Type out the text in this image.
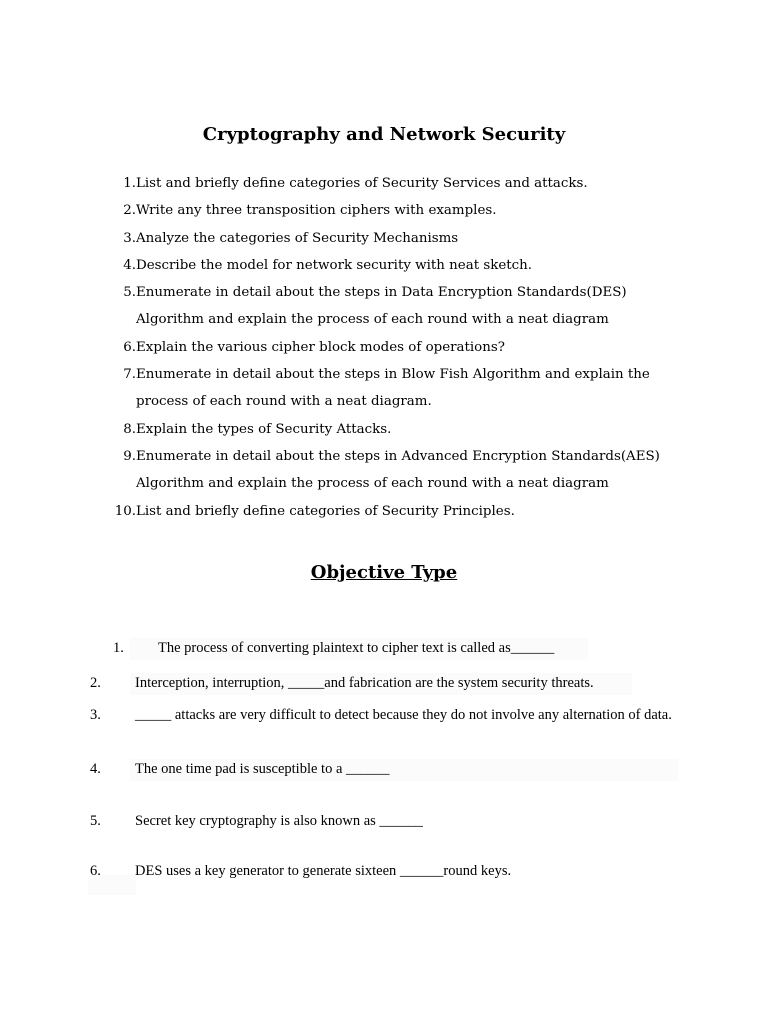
Cryptography and Network Security
1. List and briefly define categories of Security Services and attacks.
2. Write any three transposition ciphers with examples.
3. Analyze the categories of Security Mechanisms
4. Describe the model for network security with neat sketch.
5. Enumerate in detail about the steps in Data Encryption Standards(DES) Algorithm and explain the process of each round with a neat diagram
6. Explain the various cipher block modes of operations?
7. Enumerate in detail about the steps in Blow Fish Algorithm and explain the process of each round with a neat diagram.
8. Explain the types of Security Attacks.
9. Enumerate in detail about the steps in Advanced Encryption Standards(AES) Algorithm and explain the process of each round with a neat diagram
10. List and briefly define categories of Security Principles.
Objective Type
1. The process of converting plaintext to cipher text is called as______
2. Interception, interruption, _____and fabrication are the system security threats.
3. _____ attacks are very difficult to detect because they do not involve any alternation of data.
4. The one time pad is susceptible to a ______
5. Secret key cryptography is also known as ______
6. DES uses a key generator to generate sixteen ______round keys.
